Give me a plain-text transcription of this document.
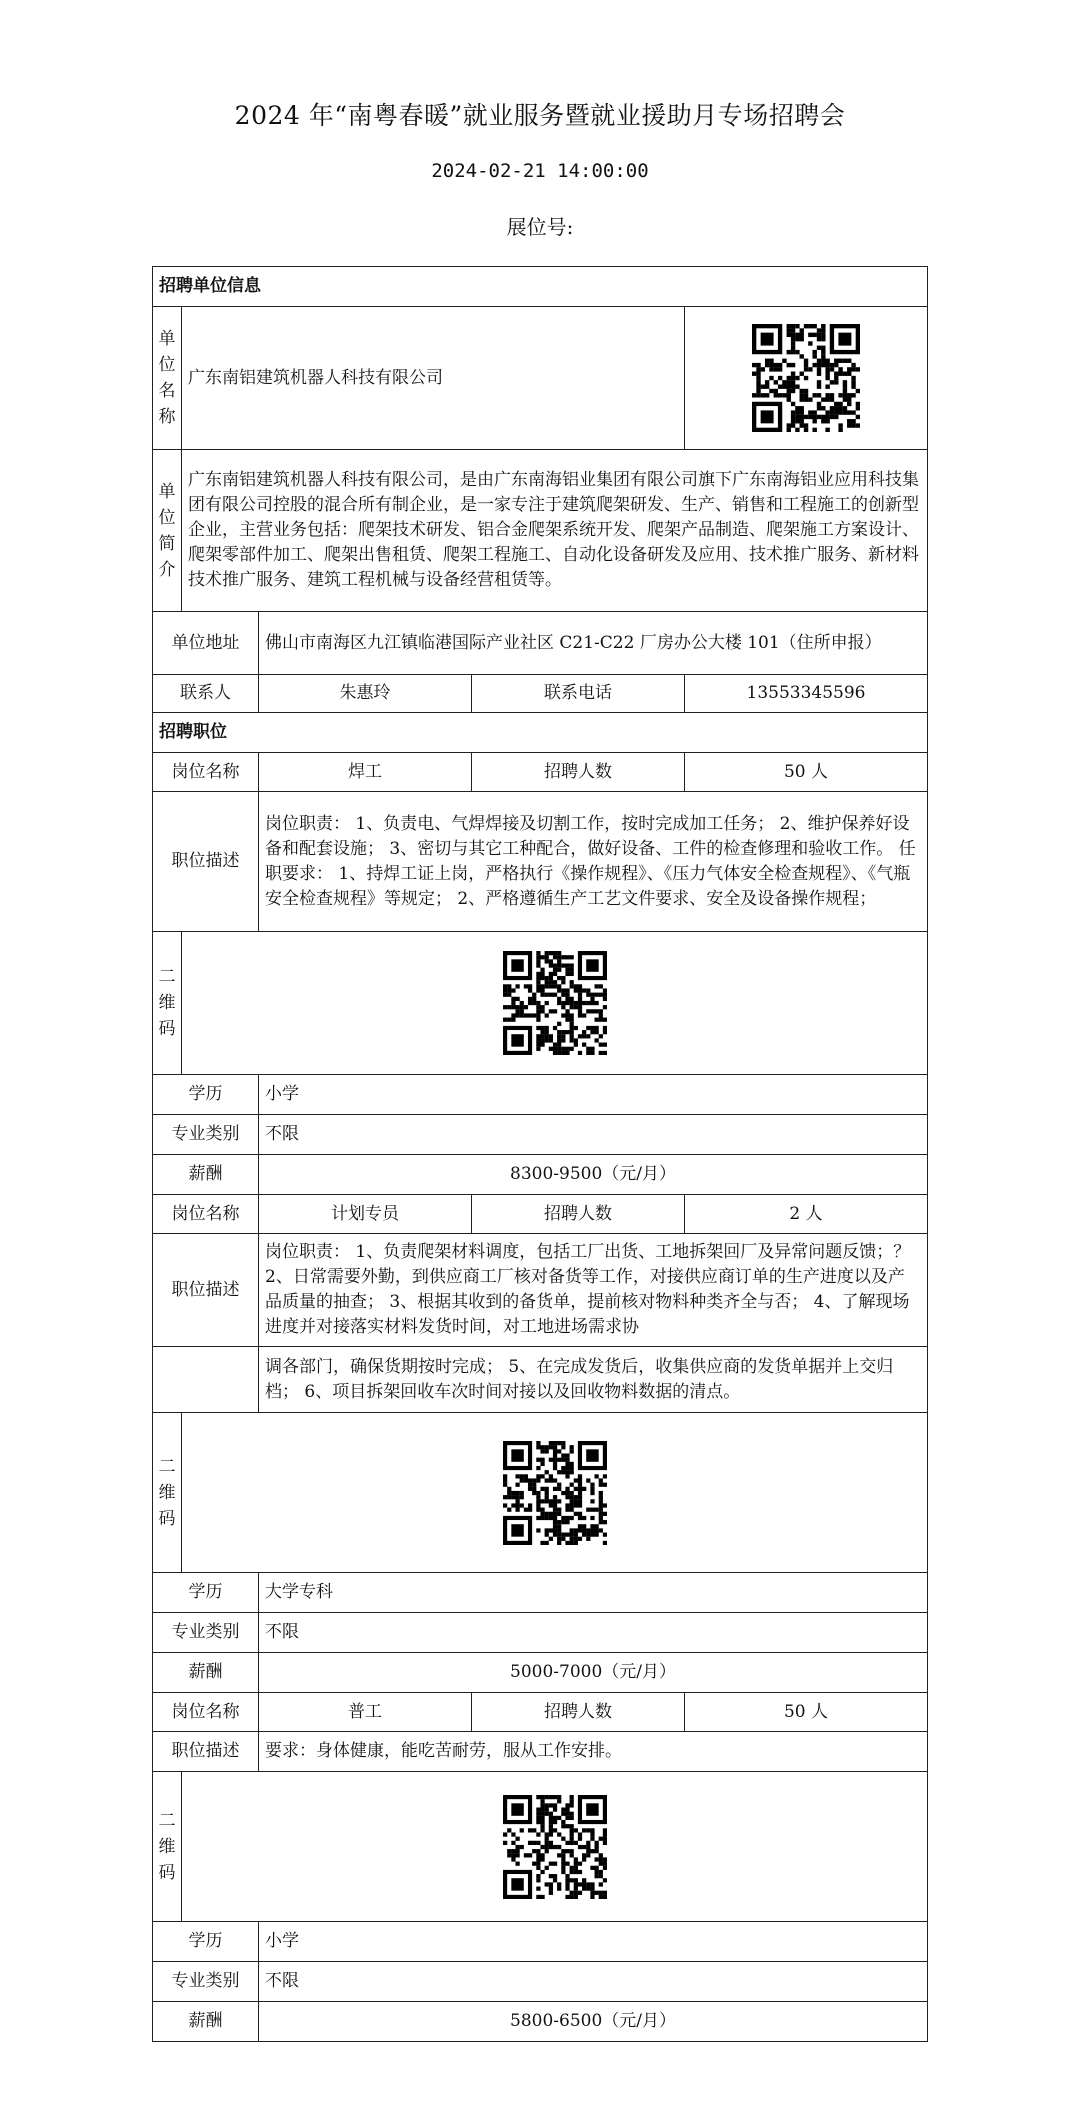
2024 年“南粤春暖”就业服务暨就业援助月专场招聘会
2024-02-21 14:00:00
展位号:
招聘单位信息				

单位名称	广东南铝建筑机器人科技有限公司	

单位简介	广东南铝建筑机器人科技有限公司，是由广东南海铝业集团有限公司旗下广东南海铝业应用科技集团有限公司控股的混合所有制企业，是一家专注于建筑爬架研发、生产、销售和工程施工的创新型企业，主营业务包括：爬架技术研发、铝合金爬架系统开发、爬架产品制造、爬架施工方案设计、爬架零部件加工、爬架出售租赁、爬架工程施工、自动化设备研发及应用、技术推广服务、新材料技术推广服务、建筑工程机械与设备经营租赁等。			
单位地址		佛山市南海区九江镇临港国际产业社区 C21-C22 厂房办公大楼 101（住所申报）		
联系人		朱惠玲	联系电话	13553345596
招聘职位				
岗位名称		焊工	招聘人数	50 人
职位描述		岗位职责： 1、负责电、气焊焊接及切割工作，按时完成加工任务； 2、维护保养好设备和配套设施； 3、密切与其它工种配合，做好设备、工件的检查修理和验收工作。 任职要求： 1、持焊工证上岗，严格执行《操作规程》、《压力气体安全检查规程》、《气瓶安全检查规程》等规定； 2、严格遵循生产工艺文件要求、安全及设备操作规程；		

二维码

学历		小学		
专业类别		不限		
薪酬		8300-9500（元/月）		
岗位名称		计划专员	招聘人数	2 人
职位描述		岗位职责： 1、负责爬架材料调度，包括工厂出货、工地拆架回厂及异常问题反馈；？ 2、日常需要外勤，到供应商工厂核对备货等工作，对接供应商订单的生产进度以及产品质量的抽查； 3、根据其收到的备货单，提前核对物料种类齐全与否； 4、了解现场进度并对接落实材料发货时间，对工地进场需求协		
		调各部门，确保货期按时完成； 5、在完成发货后，收集供应商的发货单据并上交归档； 6、项目拆架回收车次时间对接以及回收物料数据的清点。		

二维码

学历		大学专科		
专业类别		不限		
薪酬		5000-7000（元/月）		
岗位名称		普工	招聘人数	50 人
职位描述		要求：身体健康，能吃苦耐劳，服从工作安排。		

二维码

学历		小学		
专业类别		不限		
薪酬		5800-6500（元/月）		
